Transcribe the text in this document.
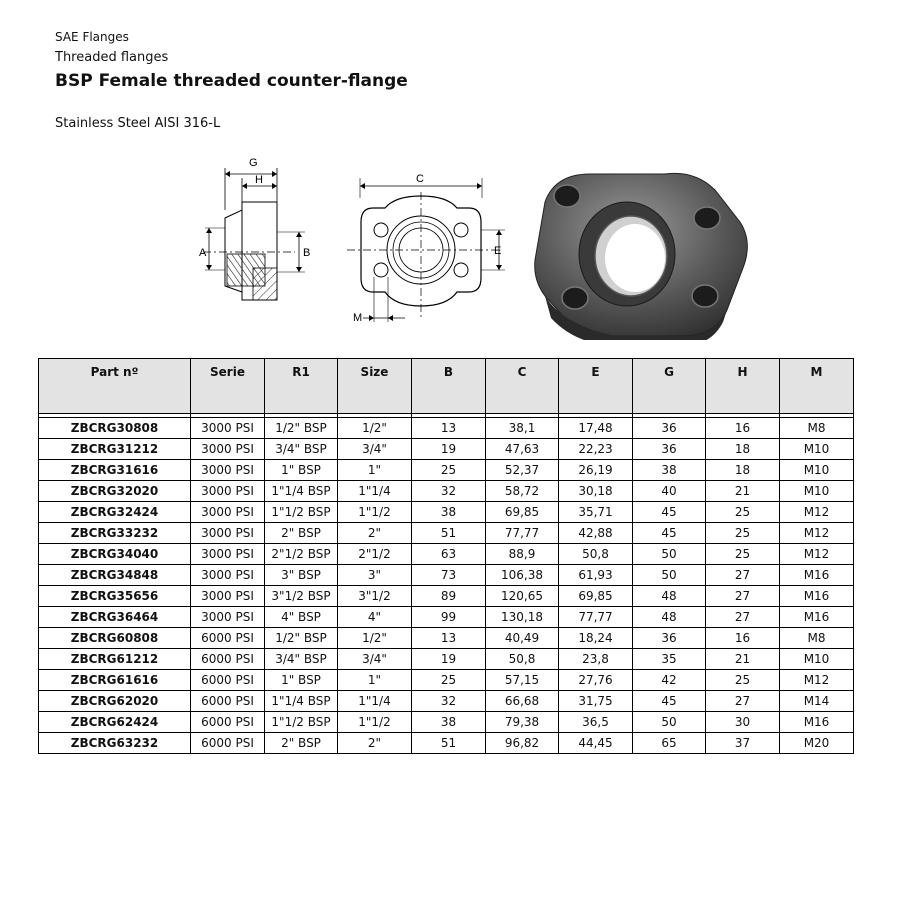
SAE Flanges
Threaded flanges
BSP Female threaded counter-flange
Stainless Steel AISI 316-L
G
H
A	B
C
E
M
Part nº	Serie	R1	Size	B	C	E	G	H	M

ZBCRG30808	3000 PSI	1/2" BSP	1/2"	13	38,1	17,48	36	16	M8
ZBCRG31212	3000 PSI	3/4" BSP	3/4"	19	47,63	22,23	36	18	M10
ZBCRG31616	3000 PSI	1" BSP	1"	25	52,37	26,19	38	18	M10
ZBCRG32020	3000 PSI	1"1/4 BSP	1"1/4	32	58,72	30,18	40	21	M10
ZBCRG32424	3000 PSI	1"1/2 BSP	1"1/2	38	69,85	35,71	45	25	M12
ZBCRG33232	3000 PSI	2" BSP	2"	51	77,77	42,88	45	25	M12
ZBCRG34040	3000 PSI	2"1/2 BSP	2"1/2	63	88,9	50,8	50	25	M12
ZBCRG34848	3000 PSI	3" BSP	3"	73	106,38	61,93	50	27	M16
ZBCRG35656	3000 PSI	3"1/2 BSP	3"1/2	89	120,65	69,85	48	27	M16
ZBCRG36464	3000 PSI	4" BSP	4"	99	130,18	77,77	48	27	M16
ZBCRG60808	6000 PSI	1/2" BSP	1/2"	13	40,49	18,24	36	16	M8
ZBCRG61212	6000 PSI	3/4" BSP	3/4"	19	50,8	23,8	35	21	M10
ZBCRG61616	6000 PSI	1" BSP	1"	25	57,15	27,76	42	25	M12
ZBCRG62020	6000 PSI	1"1/4 BSP	1"1/4	32	66,68	31,75	45	27	M14
ZBCRG62424	6000 PSI	1"1/2 BSP	1"1/2	38	79,38	36,5	50	30	M16
ZBCRG63232	6000 PSI	2" BSP	2"	51	96,82	44,45	65	37	M20
